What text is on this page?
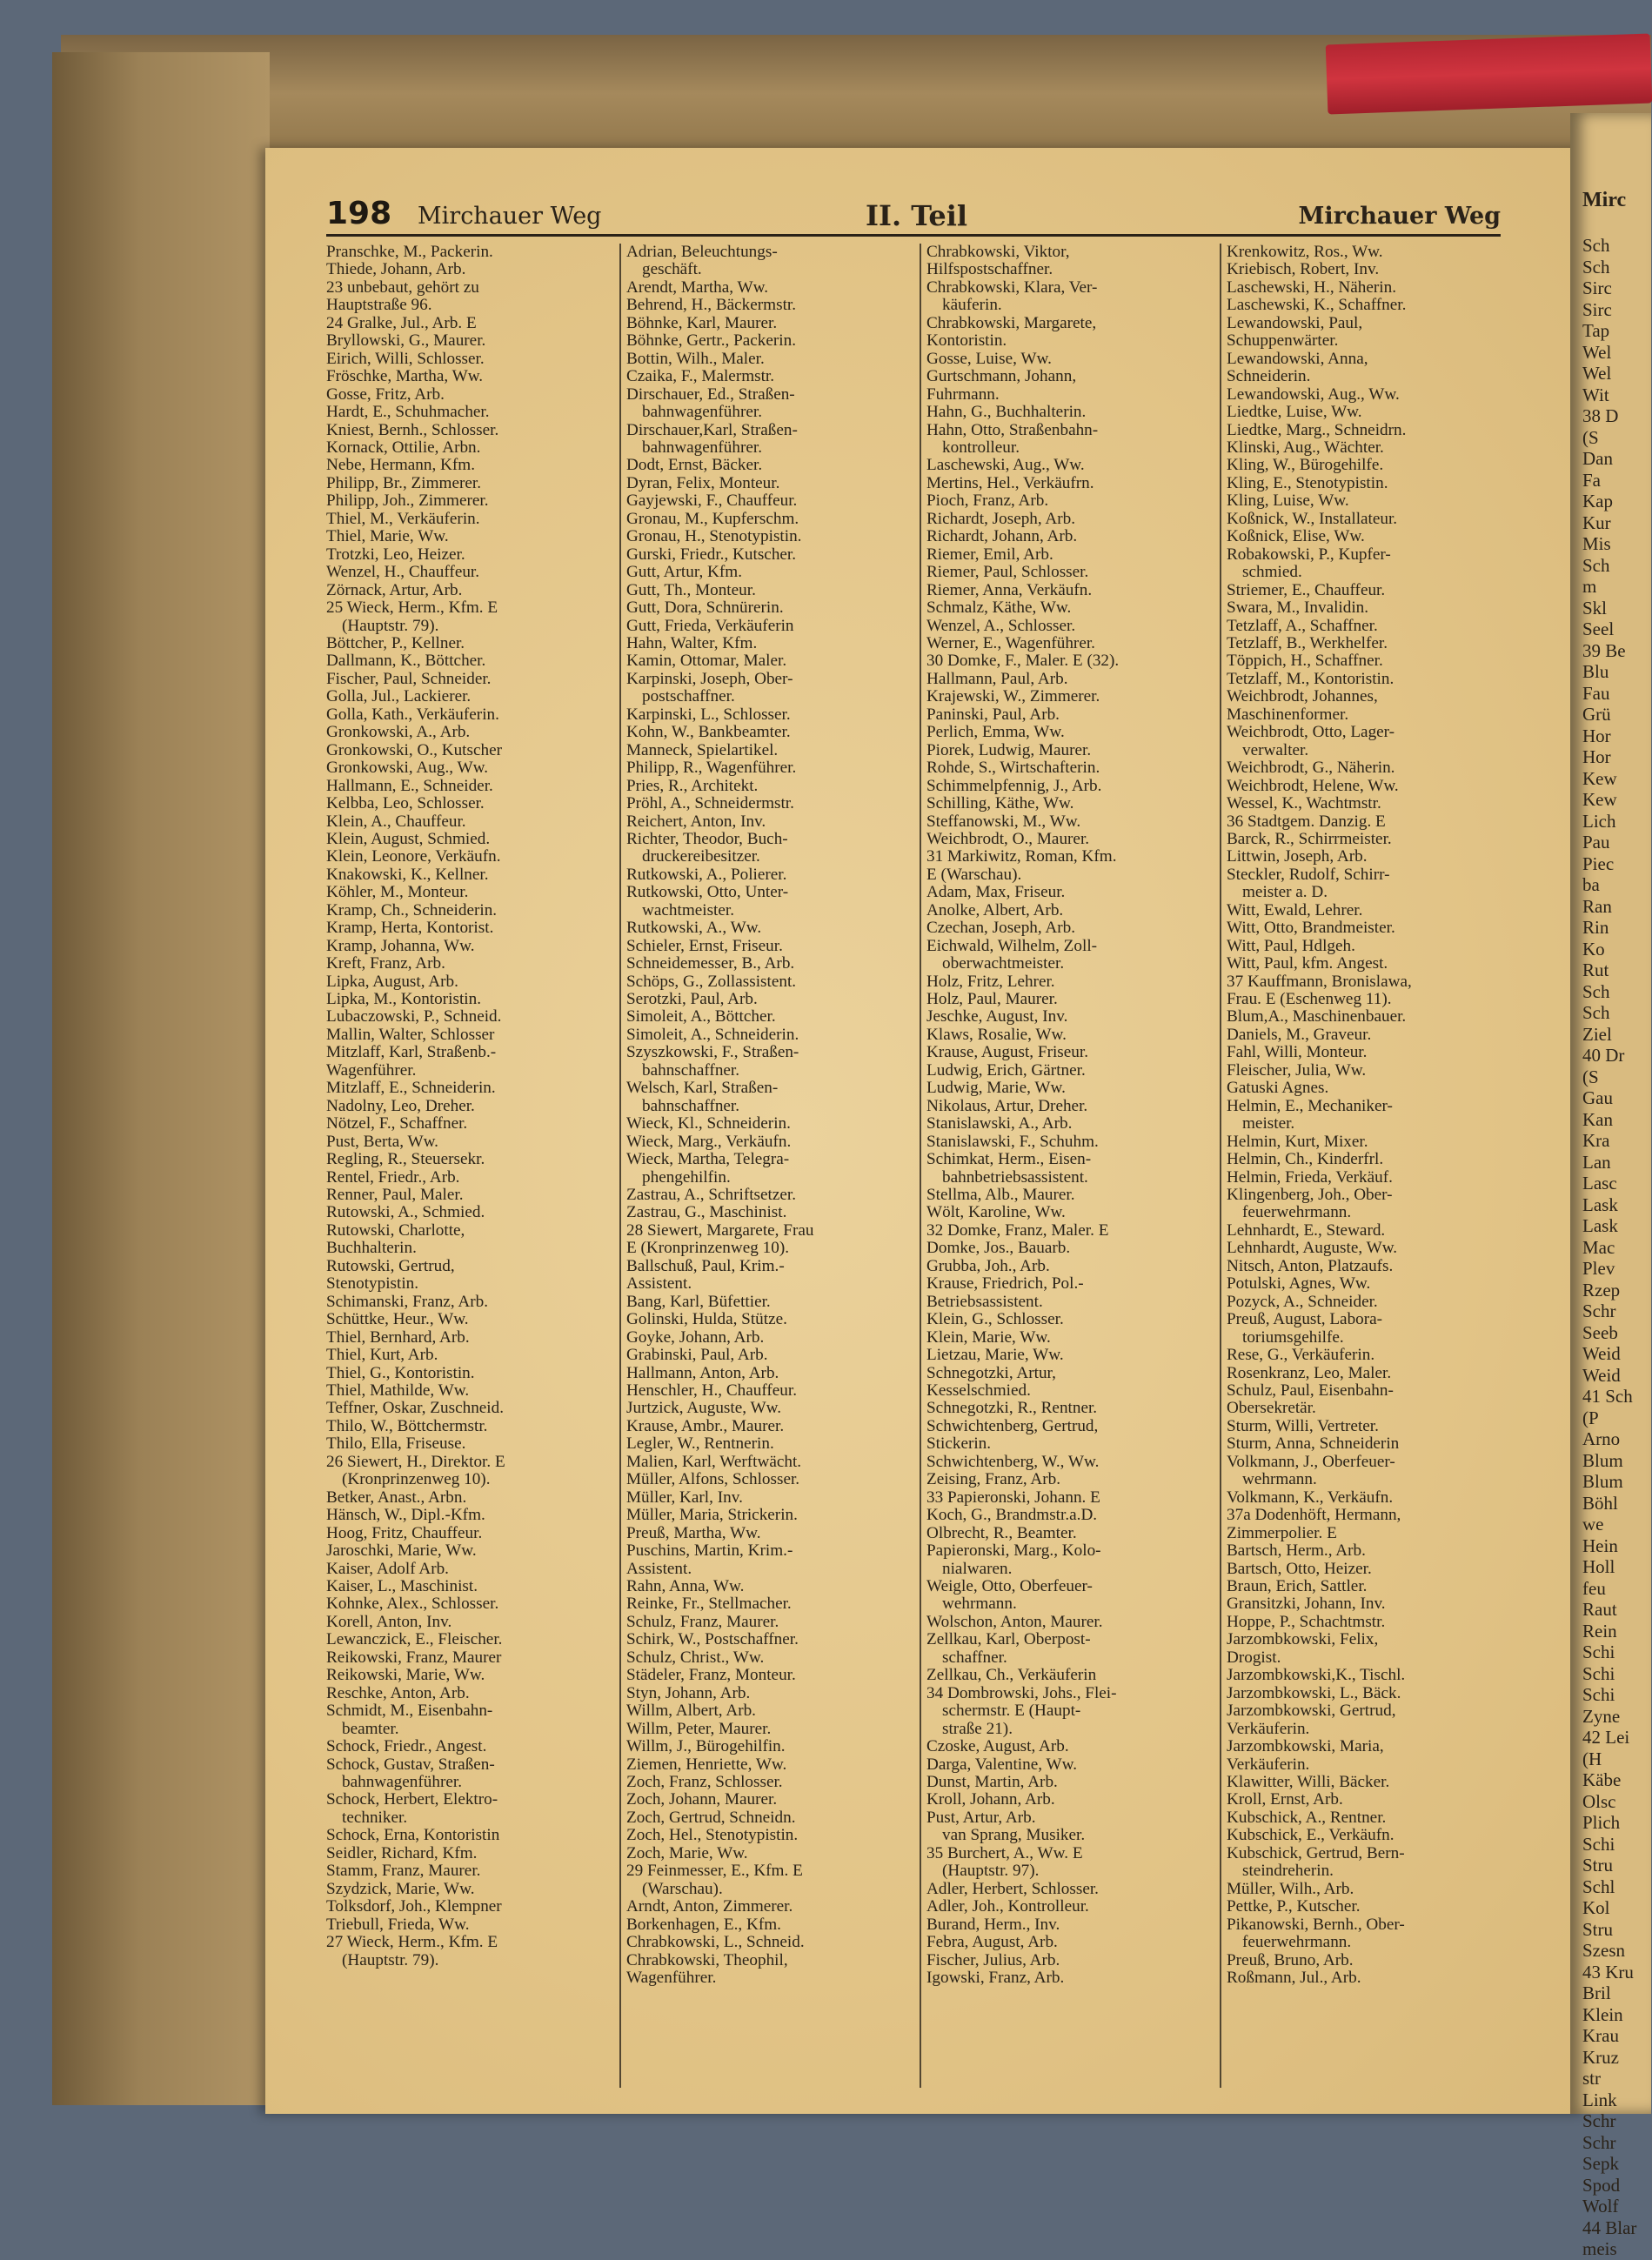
Mirc
Sch
Sch
Sirc
Sirc
Tap
Wel
Wel
Wit
38 D
(S
Dan
Fa
Kap
Kur
Mis
Sch
m
Skl
Seel
39 Be
Blu
Fau
Grü
Hor
Hor
Kew
Kew
Lich
Pau
Piec
ba
Ran
Rin
Ko
Rut
Sch
Sch
Ziel
40 Dr
(S
Gau
Kan
Kra
Lan
Lasc
Lask
Lask
Mac
Plev
Rzep
Schr
Seeb
Weid
Weid
41 Sch
(P
Arno
Blum
Blum
Böhl
we
Hein
Holl
feu
Raut
Rein
Schi
Schi
Schi
Zyne
42 Lei
(H
Käbe
Olsc
Plich
Schi
Stru
Schl
Kol
Stru
Szesn
43 Kru
Bril
Klein
Krau
Kruz
str
Link
Schr
Schr
Sepk
Spod
Wolf
44 Blar
meis
198 Mirchauer Weg	II. Teil	Mirchauer Weg
Pranschke, M., Packerin.
Thiede, Johann, Arb.
23 unbebaut, gehört zu
Hauptstraße 96.
24 Gralke, Jul., Arb. E
Bryllowski, G., Maurer.
Eirich, Willi, Schlosser.
Fröschke, Martha, Ww.
Gosse, Fritz, Arb.
Hardt, E., Schuhmacher.
Kniest, Bernh., Schlosser.
Kornack, Ottilie, Arbn.
Nebe, Hermann, Kfm.
Philipp, Br., Zimmerer.
Philipp, Joh., Zimmerer.
Thiel, M., Verkäuferin.
Thiel, Marie, Ww.
Trotzki, Leo, Heizer.
Wenzel, H., Chauffeur.
Zörnack, Artur, Arb.
25 Wieck, Herm., Kfm. E
(Hauptstr. 79).
Böttcher, P., Kellner.
Dallmann, K., Böttcher.
Fischer, Paul, Schneider.
Golla, Jul., Lackierer.
Golla, Kath., Verkäuferin.
Gronkowski, A., Arb.
Gronkowski, O., Kutscher
Gronkowski, Aug., Ww.
Hallmann, E., Schneider.
Kelbba, Leo, Schlosser.
Klein, A., Chauffeur.
Klein, August, Schmied.
Klein, Leonore, Verkäufn.
Knakowski, K., Kellner.
Köhler, M., Monteur.
Kramp, Ch., Schneiderin.
Kramp, Herta, Kontorist.
Kramp, Johanna, Ww.
Kreft, Franz, Arb.
Lipka, August, Arb.
Lipka, M., Kontoristin.
Lubaczowski, P., Schneid.
Mallin, Walter, Schlosser
Mitzlaff, Karl, Straßenb.-
Wagenführer.
Mitzlaff, E., Schneiderin.
Nadolny, Leo, Dreher.
Nötzel, F., Schaffner.
Pust, Berta, Ww.
Regling, R., Steuersekr.
Rentel, Friedr., Arb.
Renner, Paul, Maler.
Rutowski, A., Schmied.
Rutowski, Charlotte,
Buchhalterin.
Rutowski, Gertrud,
Stenotypistin.
Schimanski, Franz, Arb.
Schüttke, Heur., Ww.
Thiel, Bernhard, Arb.
Thiel, Kurt, Arb.
Thiel, G., Kontoristin.
Thiel, Mathilde, Ww.
Teffner, Oskar, Zuschneid.
Thilo, W., Böttchermstr.
Thilo, Ella, Friseuse.
26 Siewert, H., Direktor. E
(Kronprinzenweg 10).
Betker, Anast., Arbn.
Hänsch, W., Dipl.-Kfm.
Hoog, Fritz, Chauffeur.
Jaroschki, Marie, Ww.
Kaiser, Adolf Arb.
Kaiser, L., Maschinist.
Kohnke, Alex., Schlosser.
Korell, Anton, Inv.
Lewanczick, E., Fleischer.
Reikowski, Franz, Maurer
Reikowski, Marie, Ww.
Reschke, Anton, Arb.
Schmidt, M., Eisenbahn-
beamter.
Schock, Friedr., Angest.
Schock, Gustav, Straßen-
bahnwagenführer.
Schock, Herbert, Elektro-
techniker.
Schock, Erna, Kontoristin
Seidler, Richard, Kfm.
Stamm, Franz, Maurer.
Szydzick, Marie, Ww.
Tolksdorf, Joh., Klempner
Triebull, Frieda, Ww.
27 Wieck, Herm., Kfm. E
(Hauptstr. 79).
Adrian, Beleuchtungs-
geschäft.
Arendt, Martha, Ww.
Behrend, H., Bäckermstr.
Böhnke, Karl, Maurer.
Böhnke, Gertr., Packerin.
Bottin, Wilh., Maler.
Czaika, F., Malermstr.
Dirschauer, Ed., Straßen-
bahnwagenführer.
Dirschauer,Karl, Straßen-
bahnwagenführer.
Dodt, Ernst, Bäcker.
Dyran, Felix, Monteur.
Gayjewski, F., Chauffeur.
Gronau, M., Kupferschm.
Gronau, H., Stenotypistin.
Gurski, Friedr., Kutscher.
Gutt, Artur, Kfm.
Gutt, Th., Monteur.
Gutt, Dora, Schnürerin.
Gutt, Frieda, Verkäuferin
Hahn, Walter, Kfm.
Kamin, Ottomar, Maler.
Karpinski, Joseph, Ober-
postschaffner.
Karpinski, L., Schlosser.
Kohn, W., Bankbeamter.
Manneck, Spielartikel.
Philipp, R., Wagenführer.
Pries, R., Architekt.
Pröhl, A., Schneidermstr.
Reichert, Anton, Inv.
Richter, Theodor, Buch-
druckereibesitzer.
Rutkowski, A., Polierer.
Rutkowski, Otto, Unter-
wachtmeister.
Rutkowski, A., Ww.
Schieler, Ernst, Friseur.
Schneidemesser, B., Arb.
Schöps, G., Zollassistent.
Serotzki, Paul, Arb.
Simoleit, A., Böttcher.
Simoleit, A., Schneiderin.
Szyszkowski, F., Straßen-
bahnschaffner.
Welsch, Karl, Straßen-
bahnschaffner.
Wieck, Kl., Schneiderin.
Wieck, Marg., Verkäufn.
Wieck, Martha, Telegra-
phengehilfin.
Zastrau, A., Schriftsetzer.
Zastrau, G., Maschinist.
28 Siewert, Margarete, Frau
E (Kronprinzenweg 10).
Ballschuß, Paul, Krim.-
Assistent.
Bang, Karl, Büfettier.
Golinski, Hulda, Stütze.
Goyke, Johann, Arb.
Grabinski, Paul, Arb.
Hallmann, Anton, Arb.
Henschler, H., Chauffeur.
Jurtzick, Auguste, Ww.
Krause, Ambr., Maurer.
Legler, W., Rentnerin.
Malien, Karl, Werftwächt.
Müller, Alfons, Schlosser.
Müller, Karl, Inv.
Müller, Maria, Strickerin.
Preuß, Martha, Ww.
Puschins, Martin, Krim.-
Assistent.
Rahn, Anna, Ww.
Reinke, Fr., Stellmacher.
Schulz, Franz, Maurer.
Schirk, W., Postschaffner.
Schulz, Christ., Ww.
Städeler, Franz, Monteur.
Styn, Johann, Arb.
Willm, Albert, Arb.
Willm, Peter, Maurer.
Willm, J., Bürogehilfin.
Ziemen, Henriette, Ww.
Zoch, Franz, Schlosser.
Zoch, Johann, Maurer.
Zoch, Gertrud, Schneidn.
Zoch, Hel., Stenotypistin.
Zoch, Marie, Ww.
29 Feinmesser, E., Kfm. E
(Warschau).
Arndt, Anton, Zimmerer.
Borkenhagen, E., Kfm.
Chrabkowski, L., Schneid.
Chrabkowski, Theophil,
Wagenführer.
Chrabkowski, Viktor,
Hilfspostschaffner.
Chrabkowski, Klara, Ver-
käuferin.
Chrabkowski, Margarete,
Kontoristin.
Gosse, Luise, Ww.
Gurtschmann, Johann,
Fuhrmann.
Hahn, G., Buchhalterin.
Hahn, Otto, Straßenbahn-
kontrolleur.
Laschewski, Aug., Ww.
Mertins, Hel., Verkäufrn.
Pioch, Franz, Arb.
Richardt, Joseph, Arb.
Richardt, Johann, Arb.
Riemer, Emil, Arb.
Riemer, Paul, Schlosser.
Riemer, Anna, Verkäufn.
Schmalz, Käthe, Ww.
Wenzel, A., Schlosser.
Werner, E., Wagenführer.
30 Domke, F., Maler. E (32).
Hallmann, Paul, Arb.
Krajewski, W., Zimmerer.
Paninski, Paul, Arb.
Perlich, Emma, Ww.
Piorek, Ludwig, Maurer.
Rohde, S., Wirtschafterin.
Schimmelpfennig, J., Arb.
Schilling, Käthe, Ww.
Steffanowski, M., Ww.
Weichbrodt, O., Maurer.
31 Markiwitz, Roman, Kfm.
E (Warschau).
Adam, Max, Friseur.
Anolke, Albert, Arb.
Czechan, Joseph, Arb.
Eichwald, Wilhelm, Zoll-
oberwachtmeister.
Holz, Fritz, Lehrer.
Holz, Paul, Maurer.
Jeschke, August, Inv.
Klaws, Rosalie, Ww.
Krause, August, Friseur.
Ludwig, Erich, Gärtner.
Ludwig, Marie, Ww.
Nikolaus, Artur, Dreher.
Stanislawski, A., Arb.
Stanislawski, F., Schuhm.
Schimkat, Herm., Eisen-
bahnbetriebsassistent.
Stellma, Alb., Maurer.
Wölt, Karoline, Ww.
32 Domke, Franz, Maler. E
Domke, Jos., Bauarb.
Grubba, Joh., Arb.
Krause, Friedrich, Pol.-
Betriebsassistent.
Klein, G., Schlosser.
Klein, Marie, Ww.
Lietzau, Marie, Ww.
Schnegotzki, Artur,
Kesselschmied.
Schnegotzki, R., Rentner.
Schwichtenberg, Gertrud,
Stickerin.
Schwichtenberg, W., Ww.
Zeising, Franz, Arb.
33 Papieronski, Johann. E
Koch, G., Brandmstr.a.D.
Olbrecht, R., Beamter.
Papieronski, Marg., Kolo-
nialwaren.
Weigle, Otto, Oberfeuer-
wehrmann.
Wolschon, Anton, Maurer.
Zellkau, Karl, Oberpost-
schaffner.
Zellkau, Ch., Verkäuferin
34 Dombrowski, Johs., Flei-
schermstr. E (Haupt-
straße 21).
Czoske, August, Arb.
Darga, Valentine, Ww.
Dunst, Martin, Arb.
Kroll, Johann, Arb.
Pust, Artur, Arb.
van Sprang, Musiker.
35 Burchert, A., Ww. E
(Hauptstr. 97).
Adler, Herbert, Schlosser.
Adler, Joh., Kontrolleur.
Burand, Herm., Inv.
Febra, August, Arb.
Fischer, Julius, Arb.
Igowski, Franz, Arb.
Krenkowitz, Ros., Ww.
Kriebisch, Robert, Inv.
Laschewski, H., Näherin.
Laschewski, K., Schaffner.
Lewandowski, Paul,
Schuppenwärter.
Lewandowski, Anna,
Schneiderin.
Lewandowski, Aug., Ww.
Liedtke, Luise, Ww.
Liedtke, Marg., Schneidrn.
Klinski, Aug., Wächter.
Kling, W., Bürogehilfe.
Kling, E., Stenotypistin.
Kling, Luise, Ww.
Koßnick, W., Installateur.
Koßnick, Elise, Ww.
Robakowski, P., Kupfer-
schmied.
Striemer, E., Chauffeur.
Swara, M., Invalidin.
Tetzlaff, A., Schaffner.
Tetzlaff, B., Werkhelfer.
Töppich, H., Schaffner.
Tetzlaff, M., Kontoristin.
Weichbrodt, Johannes,
Maschinenformer.
Weichbrodt, Otto, Lager-
verwalter.
Weichbrodt, G., Näherin.
Weichbrodt, Helene, Ww.
Wessel, K., Wachtmstr.
36 Stadtgem. Danzig. E
Barck, R., Schirrmeister.
Littwin, Joseph, Arb.
Steckler, Rudolf, Schirr-
meister a. D.
Witt, Ewald, Lehrer.
Witt, Otto, Brandmeister.
Witt, Paul, Hdlgeh.
Witt, Paul, kfm. Angest.
37 Kauffmann, Bronislawa,
Frau. E (Eschenweg 11).
Blum,A., Maschinenbauer.
Daniels, M., Graveur.
Fahl, Willi, Monteur.
Fleischer, Julia, Ww.
Gatuski Agnes.
Helmin, E., Mechaniker-
meister.
Helmin, Kurt, Mixer.
Helmin, Ch., Kinderfrl.
Helmin, Frieda, Verkäuf.
Klingenberg, Joh., Ober-
feuerwehrmann.
Lehnhardt, E., Steward.
Lehnhardt, Auguste, Ww.
Nitsch, Anton, Platzaufs.
Potulski, Agnes, Ww.
Pozyck, A., Schneider.
Preuß, August, Labora-
toriumsgehilfe.
Rese, G., Verkäuferin.
Rosenkranz, Leo, Maler.
Schulz, Paul, Eisenbahn-
Obersekretär.
Sturm, Willi, Vertreter.
Sturm, Anna, Schneiderin
Volkmann, J., Oberfeuer-
wehrmann.
Volkmann, K., Verkäufn.
37a Dodenhöft, Hermann,
Zimmerpolier. E
Bartsch, Herm., Arb.
Bartsch, Otto, Heizer.
Braun, Erich, Sattler.
Gransitzki, Johann, Inv.
Hoppe, P., Schachtmstr.
Jarzombkowski, Felix,
Drogist.
Jarzombkowski,K., Tischl.
Jarzombkowski, L., Bäck.
Jarzombkowski, Gertrud,
Verkäuferin.
Jarzombkowski, Maria,
Verkäuferin.
Klawitter, Willi, Bäcker.
Kroll, Ernst, Arb.
Kubschick, A., Rentner.
Kubschick, E., Verkäufn.
Kubschick, Gertrud, Bern-
steindreherin.
Müller, Wilh., Arb.
Pettke, P., Kutscher.
Pikanowski, Bernh., Ober-
feuerwehrmann.
Preuß, Bruno, Arb.
Roßmann, Jul., Arb.
